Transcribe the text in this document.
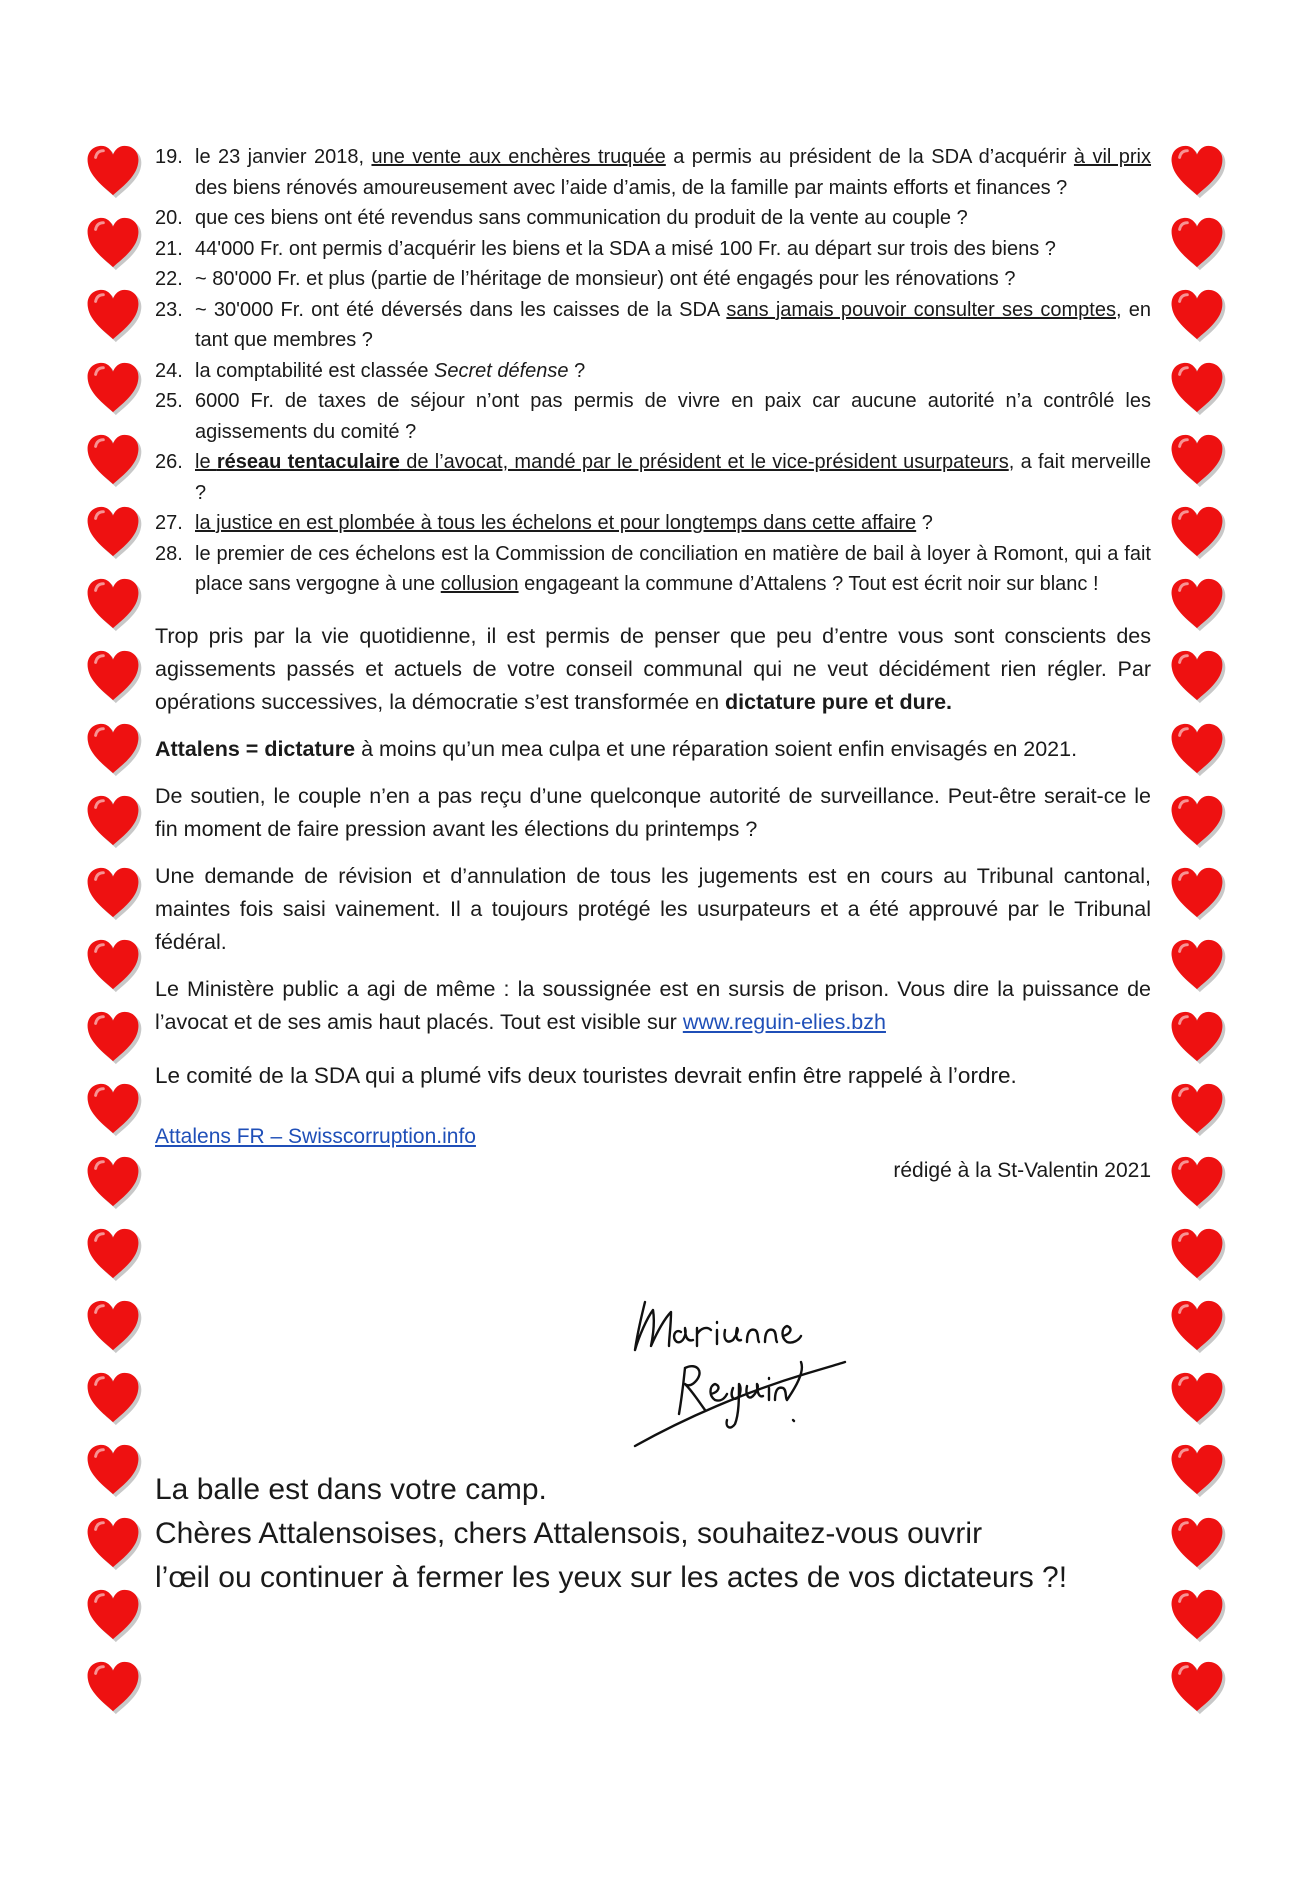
19. le 23 janvier 2018, une vente aux enchères truquée a permis au président de la SDA d’acquérir à vil prix des biens rénovés amoureusement avec l’aide d’amis, de la famille par maints efforts et finances ?
20. que ces biens ont été revendus sans communication du produit de la vente au couple ?
21. 44'000 Fr. ont permis d’acquérir les biens et la SDA a misé 100 Fr. au départ sur trois des biens ?
22. ~ 80'000 Fr. et plus (partie de l’héritage de monsieur) ont été engagés pour les rénovations ?
23. ~ 30'000 Fr. ont été déversés dans les caisses de la SDA sans jamais pouvoir consulter ses comptes, en tant que membres ?
24. la comptabilité est classée Secret défense ?
25. 6000 Fr. de taxes de séjour n’ont pas permis de vivre en paix car aucune autorité n’a contrôlé les agissements du comité ?
26. le réseau tentaculaire de l’avocat, mandé par le président et le vice-président usurpateurs, a fait merveille ?
27. la justice en est plombée à tous les échelons et pour longtemps dans cette affaire ?
28. le premier de ces échelons est la Commission de conciliation en matière de bail à loyer à Romont, qui a fait place sans vergogne à une collusion engageant la commune d’Attalens ? Tout est écrit noir sur blanc !

Trop pris par la vie quotidienne, il est permis de penser que peu d’entre vous sont conscients des agissements passés et actuels de votre conseil communal qui ne veut décidément rien régler. Par opérations successives, la démocratie s’est transformée en dictature pure et dure.

Attalens = dictature à moins qu’un mea culpa et une réparation soient enfin envisagés en 2021.

De soutien, le couple n’en a pas reçu d’une quelconque autorité de surveillance. Peut-être serait-ce le fin moment de faire pression avant les élections du printemps ?

Une demande de révision et d’annulation de tous les jugements est en cours au Tribunal cantonal, maintes fois saisi vainement. Il a toujours protégé les usurpateurs et a été approuvé par le Tribunal fédéral.

Le Ministère public a agi de même : la soussignée est en sursis de prison. Vous dire la puissance de l’avocat et de ses amis haut placés. Tout est visible sur www.reguin-elies.bzh

Le comité de la SDA qui a plumé vifs deux touristes devrait enfin être rappelé à l’ordre.

Attalens FR – Swisscorruption.info
rédigé à la St-Valentin 2021
La balle est dans votre camp.
Chères Attalensoises, chers Attalensois, souhaitez-vous ouvrir
l’œil ou continuer à fermer les yeux sur les actes de vos dictateurs ?!
